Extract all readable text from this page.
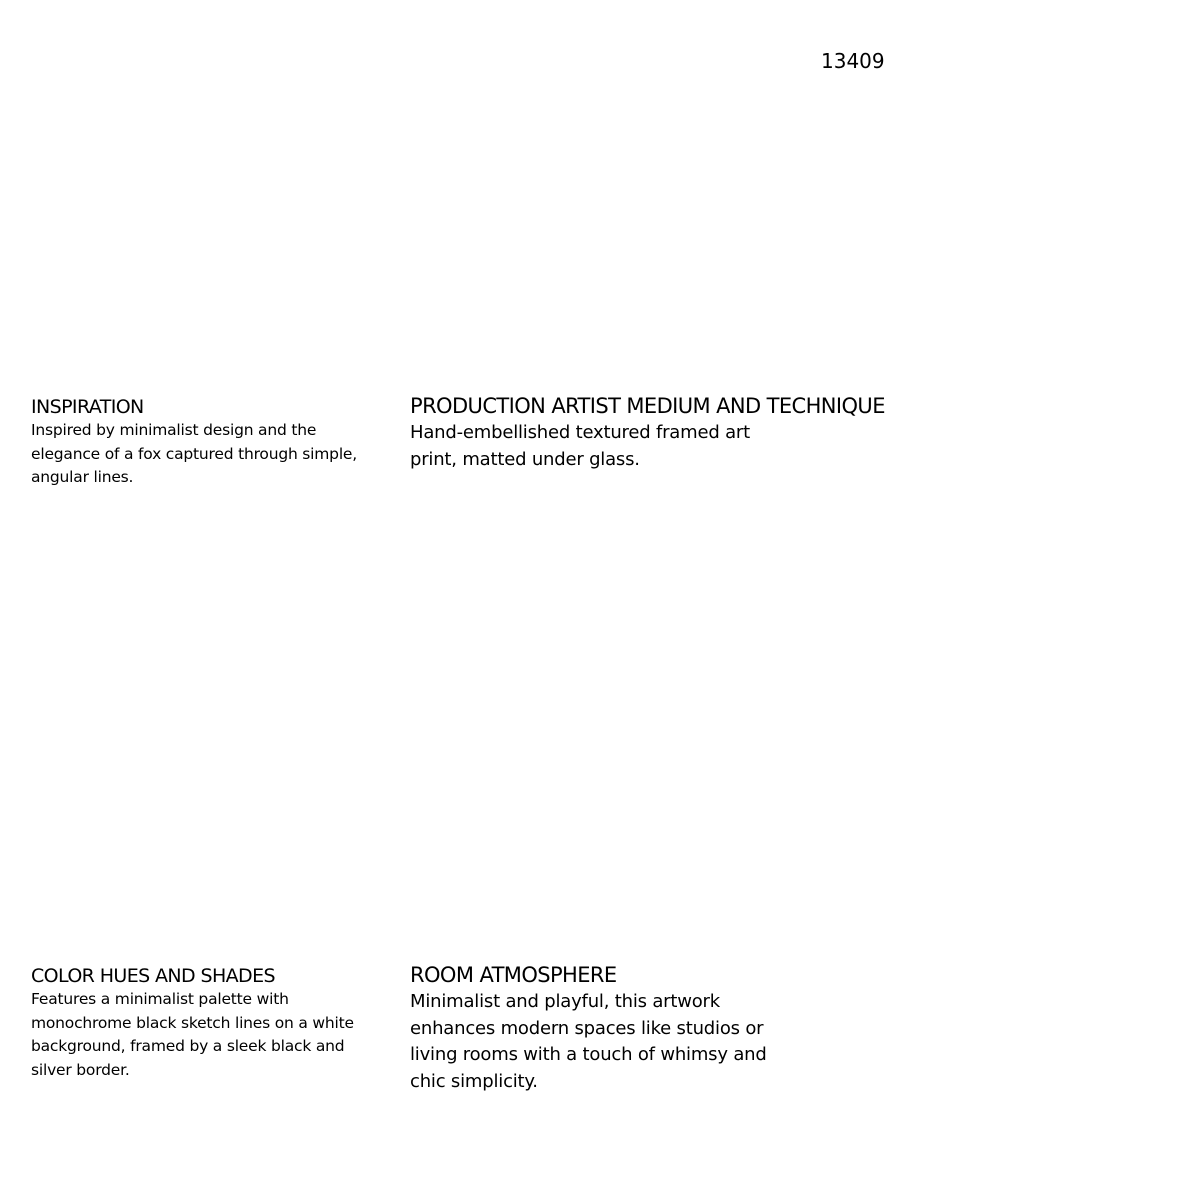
13409
INSPIRATION

Inspired by minimalist design and the elegance of a fox captured through simple, angular lines.

PRODUCTION ARTIST MEDIUM AND TECHNIQUE

Hand-embellished textured framed art print, matted under glass.

COLOR HUES AND SHADES

Features a minimalist palette with monochrome black sketch lines on a white background, framed by a sleek black and silver border.

ROOM ATMOSPHERE

Minimalist and playful, this artwork enhances modern spaces like studios or living rooms with a touch of whimsy and chic simplicity.
